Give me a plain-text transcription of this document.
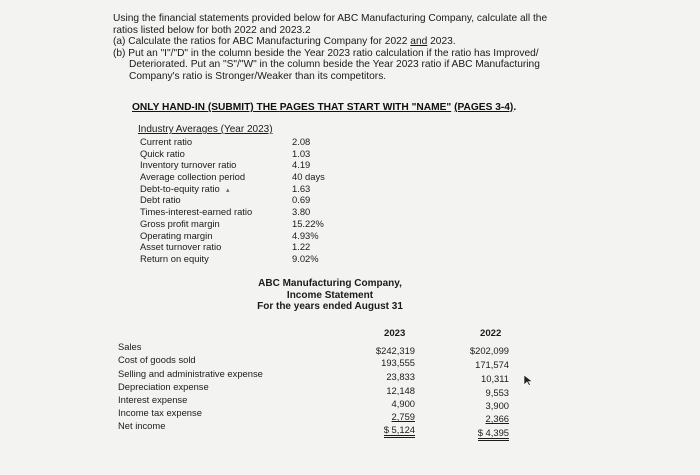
Using the financial statements provided below for ABC Manufacturing Company, calculate all the
ratios listed below for both 2022 and 2023.2
(a) Calculate the ratios for ABC Manufacturing Company for 2022 and 2023.
(b) Put an "I"/"D" in the column beside the Year 2023 ratio calculation if the ratio has Improved/
Deteriorated. Put an "S"/"W" in the column beside the Year 2023 ratio if ABC Manufacturing
Company's ratio is Stronger/Weaker than its competitors.
ONLY HAND-IN (SUBMIT) THE PAGES THAT START WITH "NAME" (PAGES 3-4).
Industry Averages (Year 2023)
Current ratio	2.08
Quick ratio	1.03
Inventory turnover ratio	4.19
Average collection period	40 days
Debt-to-equity ratio ▴	1.63
Debt ratio	0.69
Times-interest-earned ratio	3.80
Gross profit margin	15.22%
Operating margin	4.93%
Asset turnover ratio	1.22
Return on equity	9.02%
ABC Manufacturing Company,
Income Statement
For the years ended August 31
2023	2022
Sales	$242,319	$202,099
Cost of goods sold	193,555	171,574
Selling and administrative expense	23,833	10,311
Depreciation expense	12,148	9,553
Interest expense	4,900	3,900
Income tax expense	2,759	2,366
Net income	$ 5,124	$ 4,395
